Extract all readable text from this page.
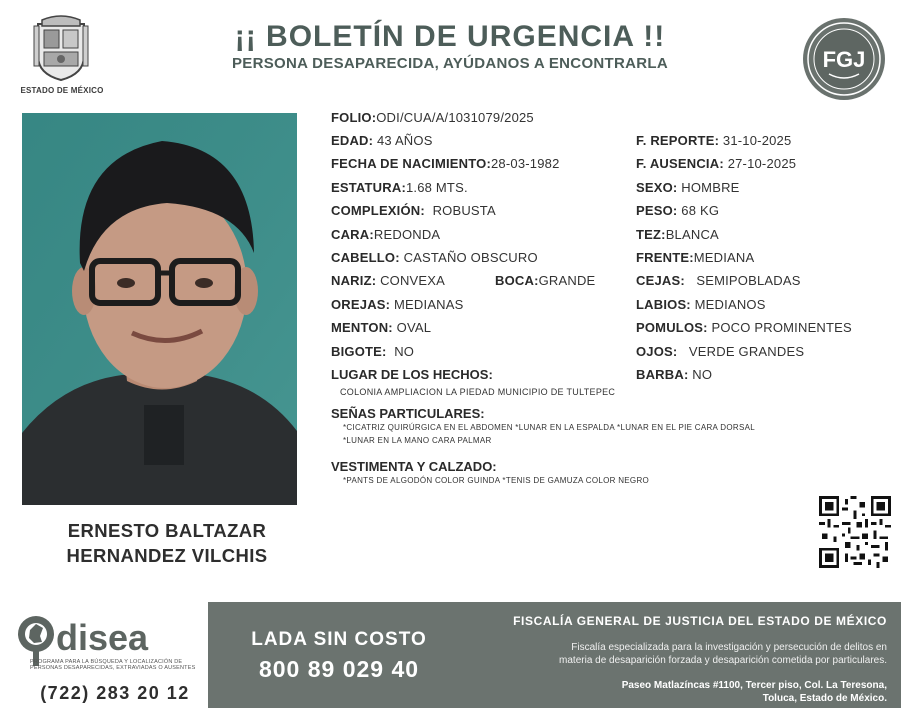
ESTADO DE MÉXICO
¡¡ BOLETÍN DE URGENCIA !!
PERSONA DESAPARECIDA, AYÚDANOS A ENCONTRARLA	FGJ
ERNESTO BALTAZAR
HERNANDEZ VILCHIS
FOLIO:ODI/CUA/A/1031079/2025
EDAD: 43 AÑOS
FECHA DE NACIMIENTO:28-03-1982
ESTATURA:1.68 MTS.
COMPLEXIÓN: ROBUSTA
CARA:REDONDA
CABELLO: CASTAÑO OBSCURO
NARIZ: CONVEXA	BOCA:GRANDE
OREJAS: MEDIANAS
MENTON: OVAL
BIGOTE: NO
F. REPORTE: 31-10-2025
F. AUSENCIA: 27-10-2025
SEXO: HOMBRE
PESO: 68 KG
TEZ:BLANCA
FRENTE:MEDIANA
CEJAS: SEMIPOBLADAS
LABIOS: MEDIANOS
POMULOS: POCO PROMINENTES
OJOS: VERDE GRANDES
BARBA: NO
LUGAR DE LOS HECHOS:
COLONIA AMPLIACION LA PIEDAD MUNICIPIO DE TULTEPEC
SEÑAS PARTICULARES:
*CICATRIZ QUIRÚRGICA EN EL ABDOMEN *LUNAR EN LA ESPALDA *LUNAR EN EL PIE CARA DORSAL
*LUNAR EN LA MANO CARA PALMAR
VESTIMENTA Y CALZADO:
*PANTS DE ALGODÓN COLOR GUINDA *TENIS DE GAMUZA COLOR NEGRO
disea
PROGRAMA PARA LA BÚSQUEDA Y LOCALIZACIÓN DE PERSONAS DESAPARECIDAS, EXTRAVIADAS O AUSENTES
(722) 283 20 12
LADA SIN COSTO
800 89 029 40
FISCALÍA GENERAL DE JUSTICIA DEL ESTADO DE MÉXICO
Fiscalía especializada para la investigación y persecución de delitos en
materia de desaparición forzada y desaparición cometida por particulares.
Paseo Matlazíncas #1100, Tercer piso, Col. La Teresona,
Toluca, Estado de México.
